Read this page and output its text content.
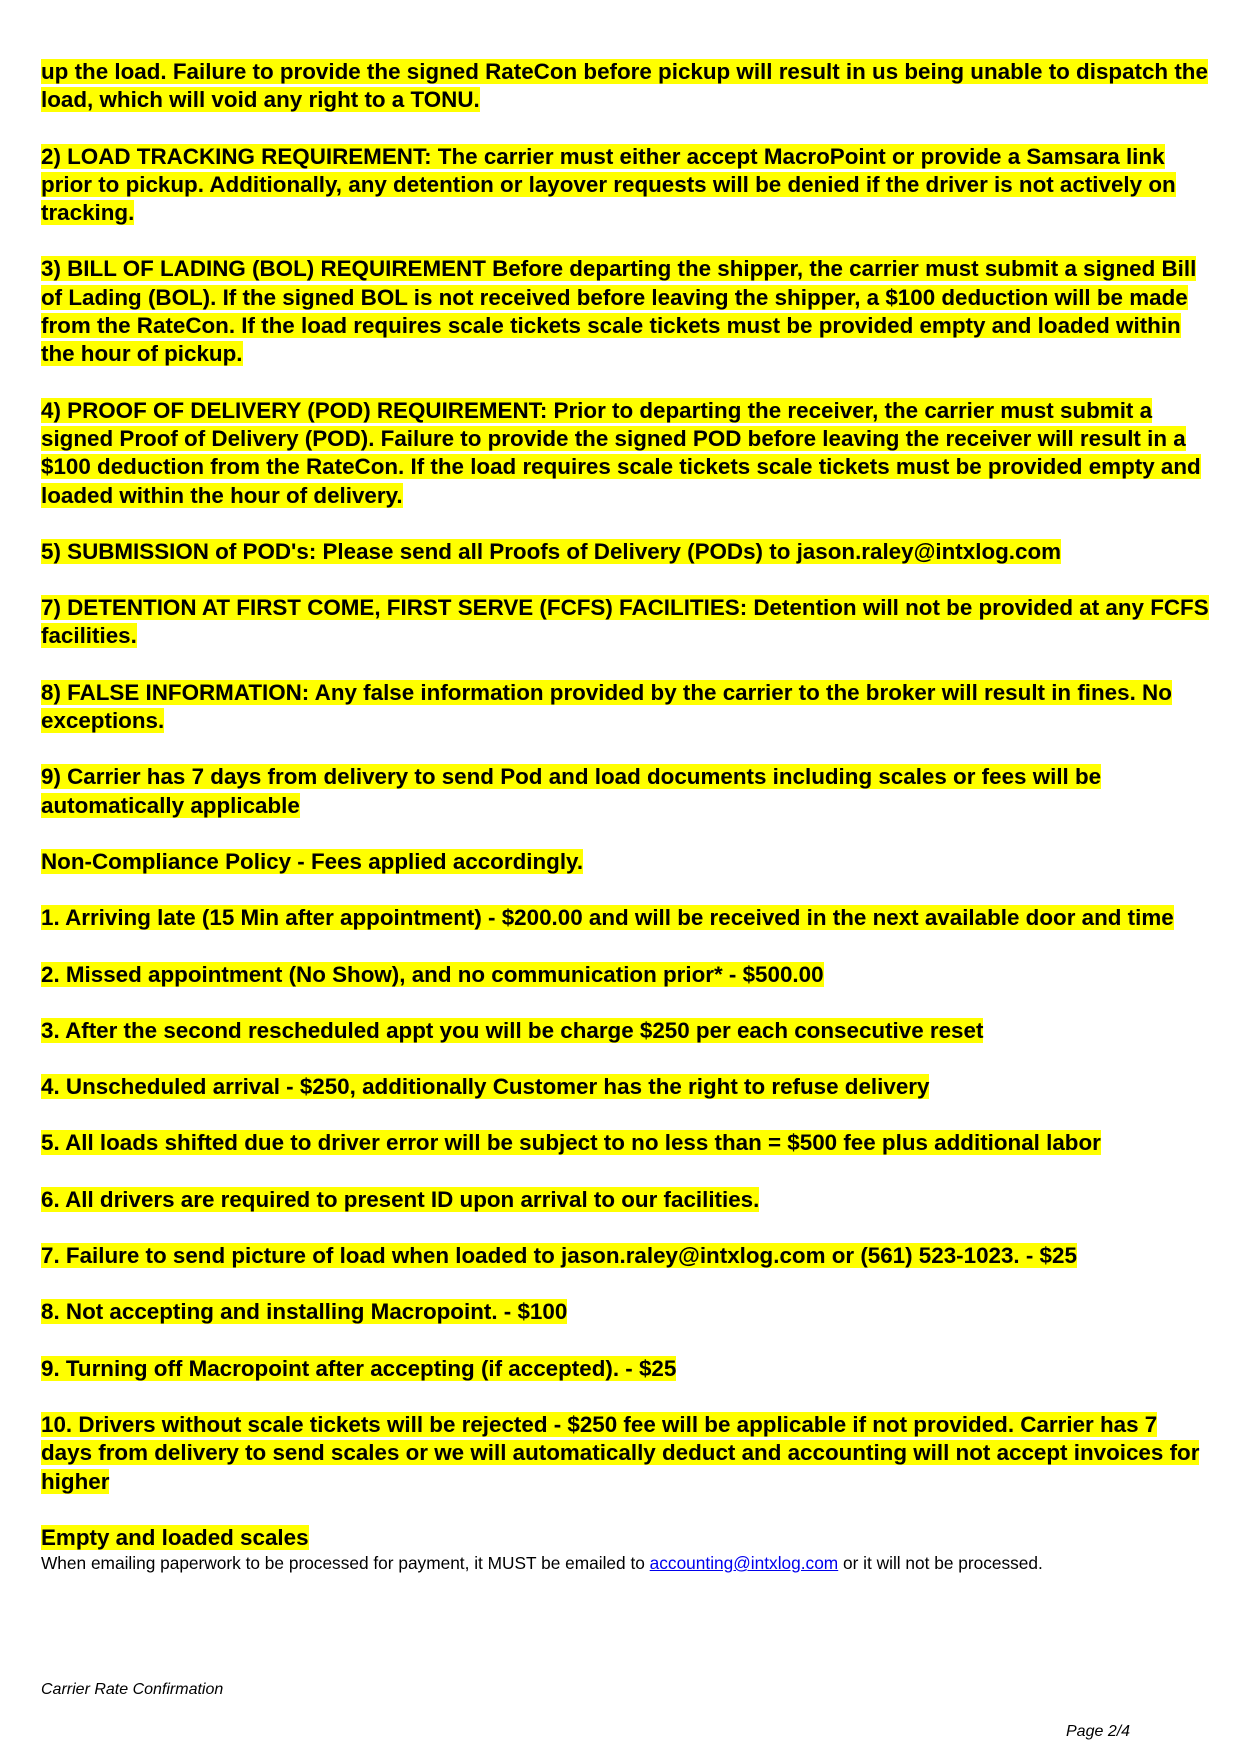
up the load. Failure to provide the signed RateCon before pickup will result in us being unable to dispatch the load, which will void any right to a TONU.

2) LOAD TRACKING REQUIREMENT: The carrier must either accept MacroPoint or provide a Samsara link prior to pickup. Additionally, any detention or layover requests will be denied if the driver is not actively on tracking.

3) BILL OF LADING (BOL) REQUIREMENT Before departing the shipper, the carrier must submit a signed Bill of Lading (BOL). If the signed BOL is not received before leaving the shipper, a $100 deduction will be made from the RateCon. If the load requires scale tickets scale tickets must be provided empty and loaded within the hour of pickup.

4) PROOF OF DELIVERY (POD) REQUIREMENT: Prior to departing the receiver, the carrier must submit a signed Proof of Delivery (POD). Failure to provide the signed POD before leaving the receiver will result in a $100 deduction from the RateCon. If the load requires scale tickets scale tickets must be provided empty and loaded within the hour of delivery.

5) SUBMISSION of POD's: Please send all Proofs of Delivery (PODs) to jason.raley@intxlog.com

7) DETENTION AT FIRST COME, FIRST SERVE (FCFS) FACILITIES: Detention will not be provided at any FCFS facilities.

8) FALSE INFORMATION: Any false information provided by the carrier to the broker will result in fines. No exceptions.

9) Carrier has 7 days from delivery to send Pod and load documents including scales or fees will be automatically applicable

Non-Compliance Policy - Fees applied accordingly.

1. Arriving late (15 Min after appointment) - $200.00 and will be received in the next available door and time

2. Missed appointment (No Show), and no communication prior* - $500.00

3. After the second rescheduled appt you will be charge $250 per each consecutive reset

4. Unscheduled arrival - $250, additionally Customer has the right to refuse delivery

5. All loads shifted due to driver error will be subject to no less than = $500 fee plus additional labor

6. All drivers are required to present ID upon arrival to our facilities.

7. Failure to send picture of load when loaded to jason.raley@intxlog.com or (561) 523-1023. - $25

8. Not accepting and installing Macropoint. - $100

9. Turning off Macropoint after accepting (if accepted). - $25

10. Drivers without scale tickets will be rejected - $250 fee will be applicable if not provided. Carrier has 7 days from delivery to send scales or we will automatically deduct and accounting will not accept invoices for higher

Empty and loaded scales

When emailing paperwork to be processed for payment, it MUST be emailed to accounting@intxlog.com or it will not be processed.

Carrier Rate Confirmation
Page 2/4
